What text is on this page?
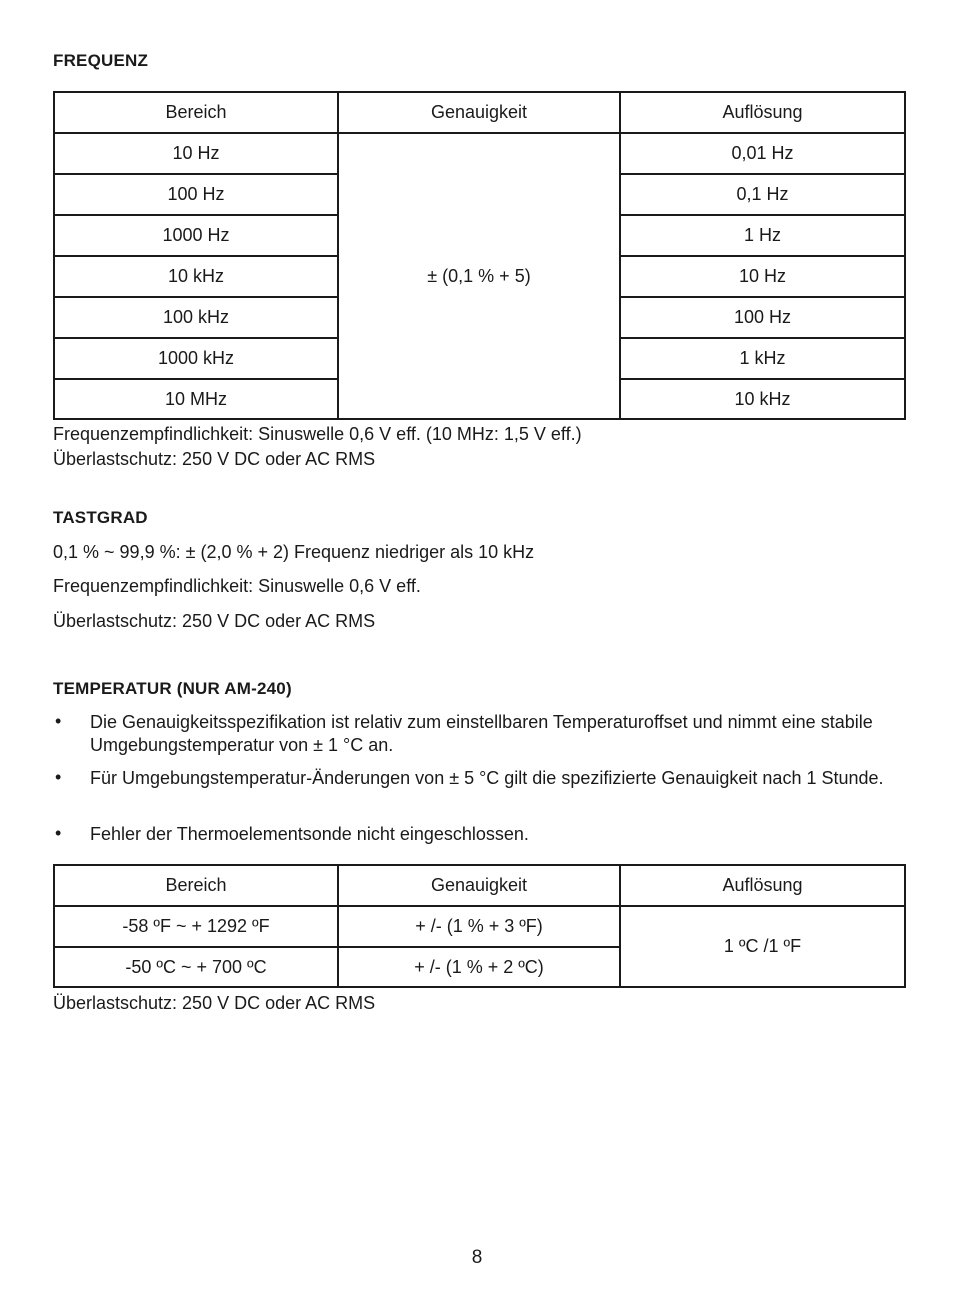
FREQUENZ
Bereich	Genauigkeit	Auflösung
10 Hz	± (0,1 % + 5)	0,01 Hz
100 Hz		0,1 Hz
1000 Hz		1 Hz
10 kHz		10 Hz
100 kHz		100 Hz
1000 kHz		1 kHz
10 MHz		10 kHz
Frequenzempfindlichkeit: Sinuswelle 0,6 V eff. (10 MHz: 1,5 V eff.)
Überlastschutz: 250 V DC oder AC RMS
TASTGRAD
0,1 % ~ 99,9 %: ± (2,0 % + 2) Frequenz niedriger als 10 kHz
Frequenzempfindlichkeit: Sinuswelle 0,6 V eff.
Überlastschutz: 250 V DC oder AC RMS
TEMPERATUR (NUR AM-240)
• Die Genauigkeitsspezifikation ist relativ zum einstellbaren Temperaturoffset und nimmt eine stabile Umgebungstemperatur von ± 1 °C an.
• Für Umgebungstemperatur-Änderungen von ± 5 °C gilt die spezifizierte Genauigkeit nach 1 Stunde.
• Fehler der Thermoelementsonde nicht eingeschlossen.
Bereich	Genauigkeit	Auflösung
-58 ºF ~ + 1292 ºF	+ /- (1 % + 3 ºF)	1 ºC /1 ºF
-50 ºC ~ + 700 ºC	+ /- (1 % + 2 ºC)	
Überlastschutz: 250 V DC oder AC RMS
8
